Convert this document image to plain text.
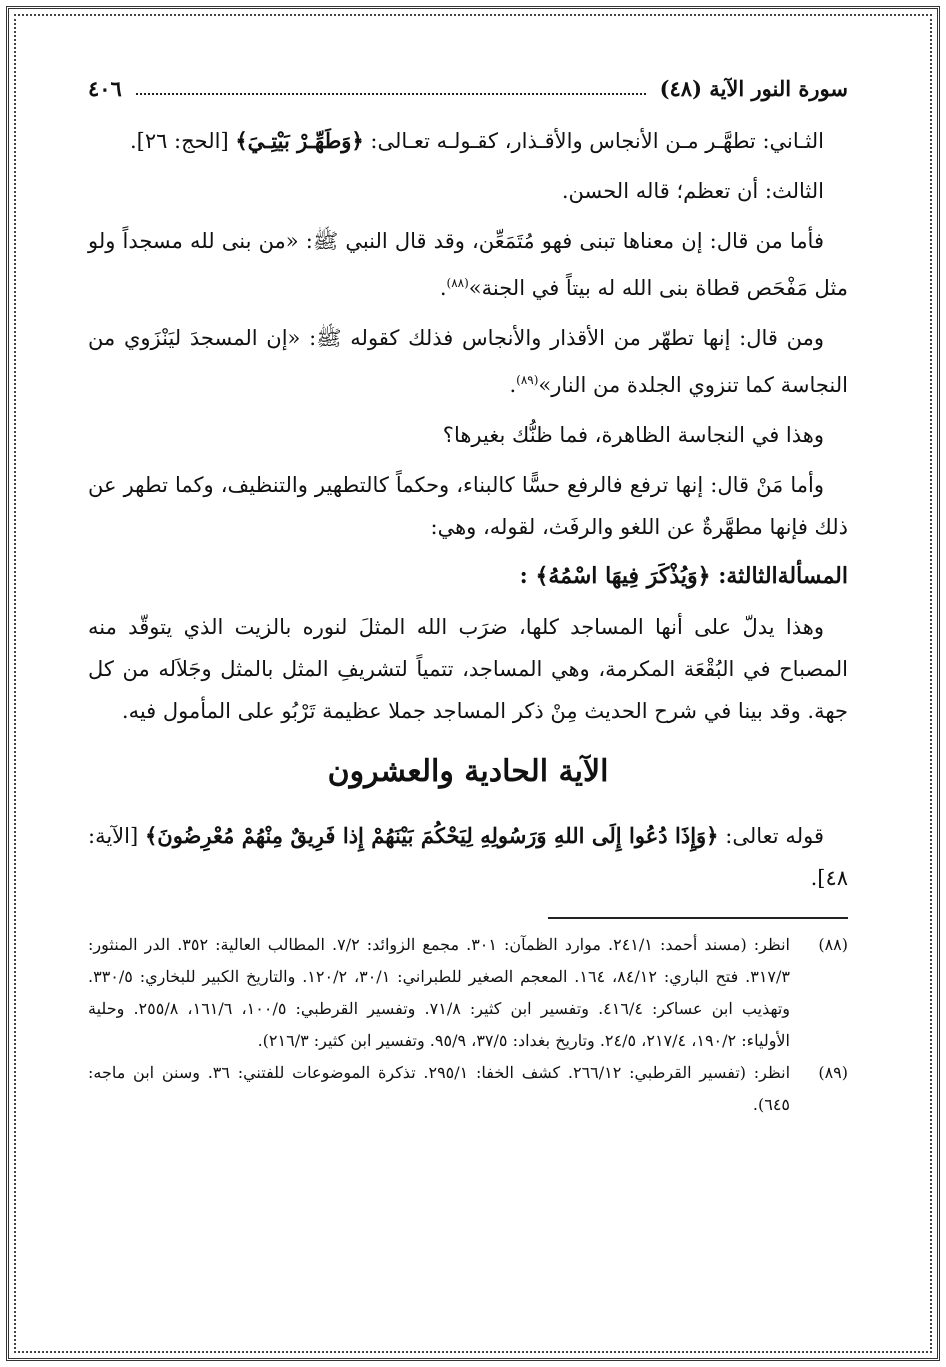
سورة النور الآية (٤٨)
٤٠٦

الثـاني: تطهَّـر مـن الأنجاس والأقـذار، كقـولـه تعـالى: ﴿وَطَهِّـرْ بَيْتِـيَ﴾ [الحج: ٢٦].

الثالث: أن تعظم؛ قاله الحسن.

فأما من قال: إن معناها تبنى فهو مُتَمَعِّن، وقد قال النبي ﷺ: «من بنى لله مسجداً ولو مثل مَفْحَص قطاة بنى الله له بيتاً في الجنة»$^{(٨٨)}$.

ومن قال: إنها تطهّر من الأقذار والأنجاس فذلك كقوله ﷺ: «إن المسجدَ ليَنْزَوي من النجاسة كما تنزوي الجلدة من النار»$^{(٨٩)}$.

وهذا في النجاسة الظاهرة، فما ظنُّك بغيرها؟

وأما مَنْ قال: إنها ترفع فالرفع حسًّا كالبناء، وحكماً كالتطهير والتنظيف، وكما تطهر عن ذلك فإنها مطهَّرةٌ عن اللغو والرفَث، لقوله، وهي:

المسألةالثالثة: ﴿وَيُذْكَرَ فِيهَا اسْمُهُ﴾ :

وهذا يدلّ على أنها المساجد كلها، ضرَب الله المثلَ لنوره بالزيت الذي يتوقّد منه المصباح في البُقْعَة المكرمة، وهي المساجد، تتمياً لتشريفِ المثل بالمثل وجَلاَله من كل جهة. وقد بينا في شرح الحديث مِنْ ذكر المساجد جملا عظيمة تَرْبُو على المأمول فيه.

الآية الحادية والعشرون

قوله تعالى: ﴿وَإِذَا دُعُوا إِلَى اللهِ وَرَسُولِهِ لِيَحْكُمَ بَيْنَهُمْ إِذا فَرِيقٌ مِنْهُمْ مُعْرِضُونَ﴾ [الآية: ٤٨].

(٨٨)
انظر: (مسند أحمد: ٢٤١/١. موارد الظمآن: ٣٠١. مجمع الزوائد: ٧/٢. المطالب العالية: ٣٥٢. الدر المنثور: ٣١٧/٣. فتح الباري: ٨٤/١٢، ١٦٤. المعجم الصغير للطبراني: ٣٠/١، ١٢٠/٢. والتاريخ الكبير للبخاري: ٣٣٠/٥. وتهذيب ابن عساكر: ٤١٦/٤. وتفسير ابن كثير: ٧١/٨. وتفسير القرطبي: ١٠٠/٥، ١٦١/٦، ٢٥٥/٨. وحلية الأولياء: ١٩٠/٢، ٢١٧/٤، ٢٤/٥. وتاريخ بغداد: ٣٧/٥، ٩٥/٩. وتفسير ابن كثير: ٢١٦/٣).
(٨٩)
انظر: (تفسير القرطبي: ٢٦٦/١٢. كشف الخفا: ٢٩٥/١. تذكرة الموضوعات للفتني: ٣٦. وسنن ابن ماجه: ٦٤٥).
